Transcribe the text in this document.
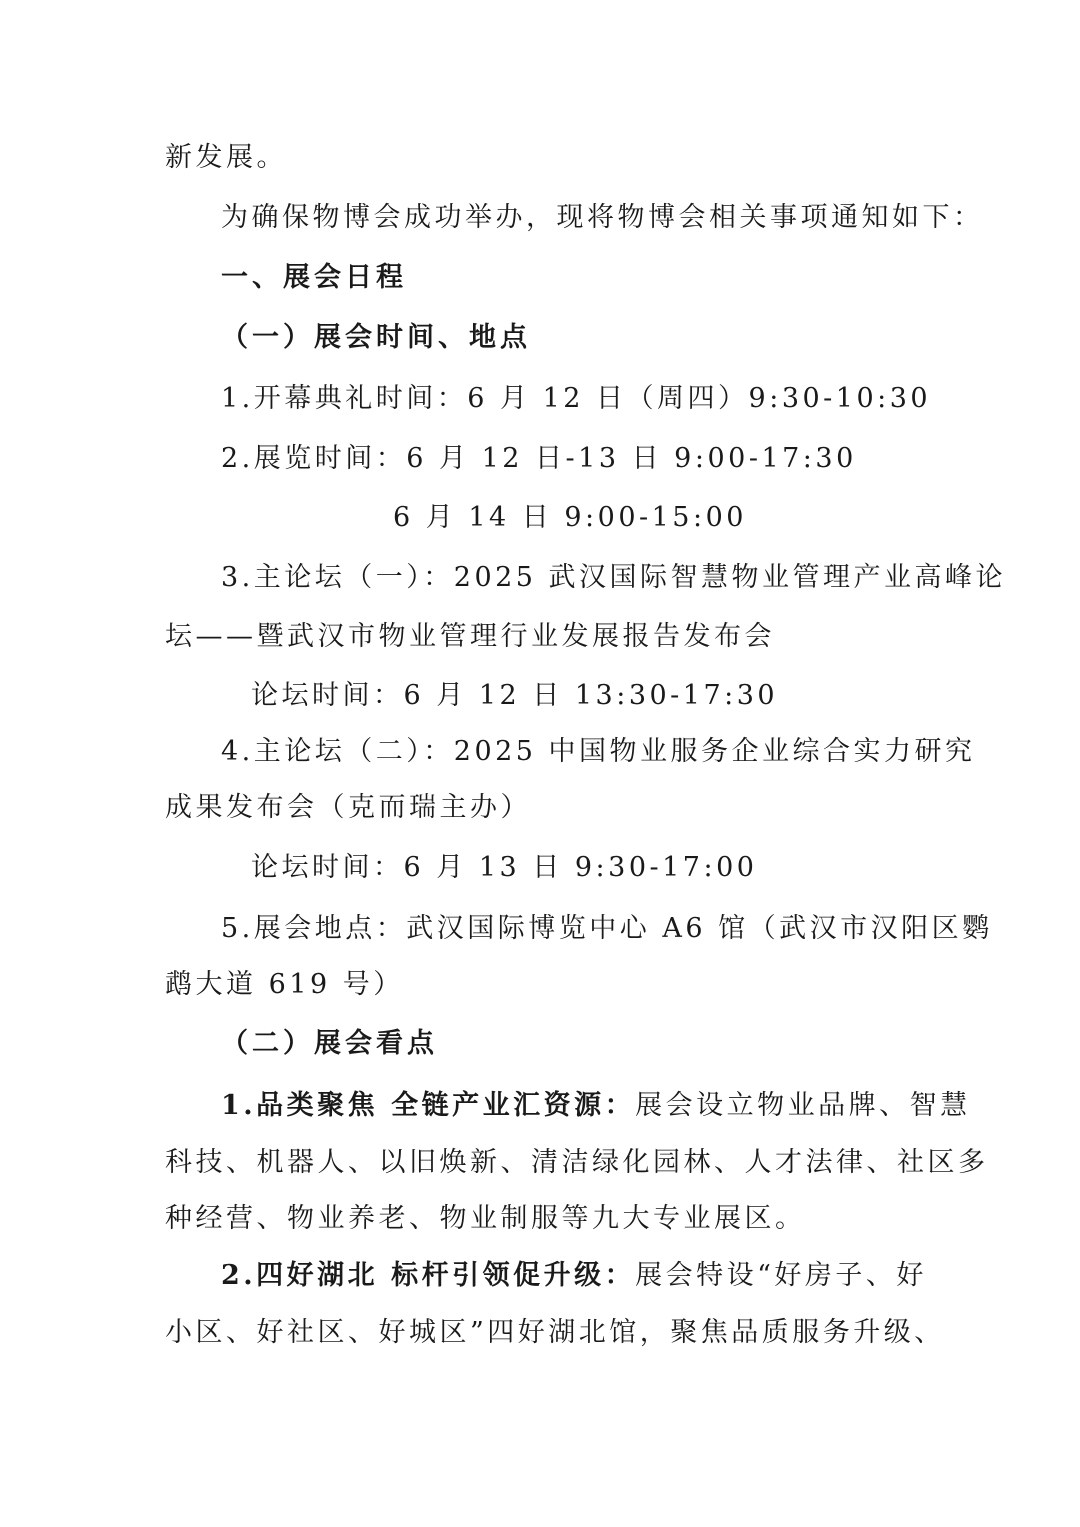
新发展。
为确保物博会成功举办，现将物博会相关事项通知如下：
一、展会日程
（一）展会时间、地点
1.开幕典礼时间：6 月 12 日（周四）9:30-10:30
2.展览时间：6 月 12 日-13 日 9:00-17:30
6 月 14 日 9:00-15:00
3.主论坛（一）：2025 武汉国际智慧物业管理产业高峰论
坛——暨武汉市物业管理行业发展报告发布会
论坛时间：6 月 12 日 13:30-17:30
4.主论坛（二）：2025 中国物业服务企业综合实力研究
成果发布会（克而瑞主办）
论坛时间：6 月 13 日 9:30-17:00
5.展会地点：武汉国际博览中心 A6 馆（武汉市汉阳区鹦
鹉大道 619 号）
（二）展会看点
1.品类聚焦 全链产业汇资源：展会设立物业品牌、智慧
科技、机器人、以旧焕新、清洁绿化园林、人才法律、社区多
种经营、物业养老、物业制服等九大专业展区。
2.四好湖北 标杆引领促升级：展会特设“好房子、好
小区、好社区、好城区”四好湖北馆，聚焦品质服务升级、
